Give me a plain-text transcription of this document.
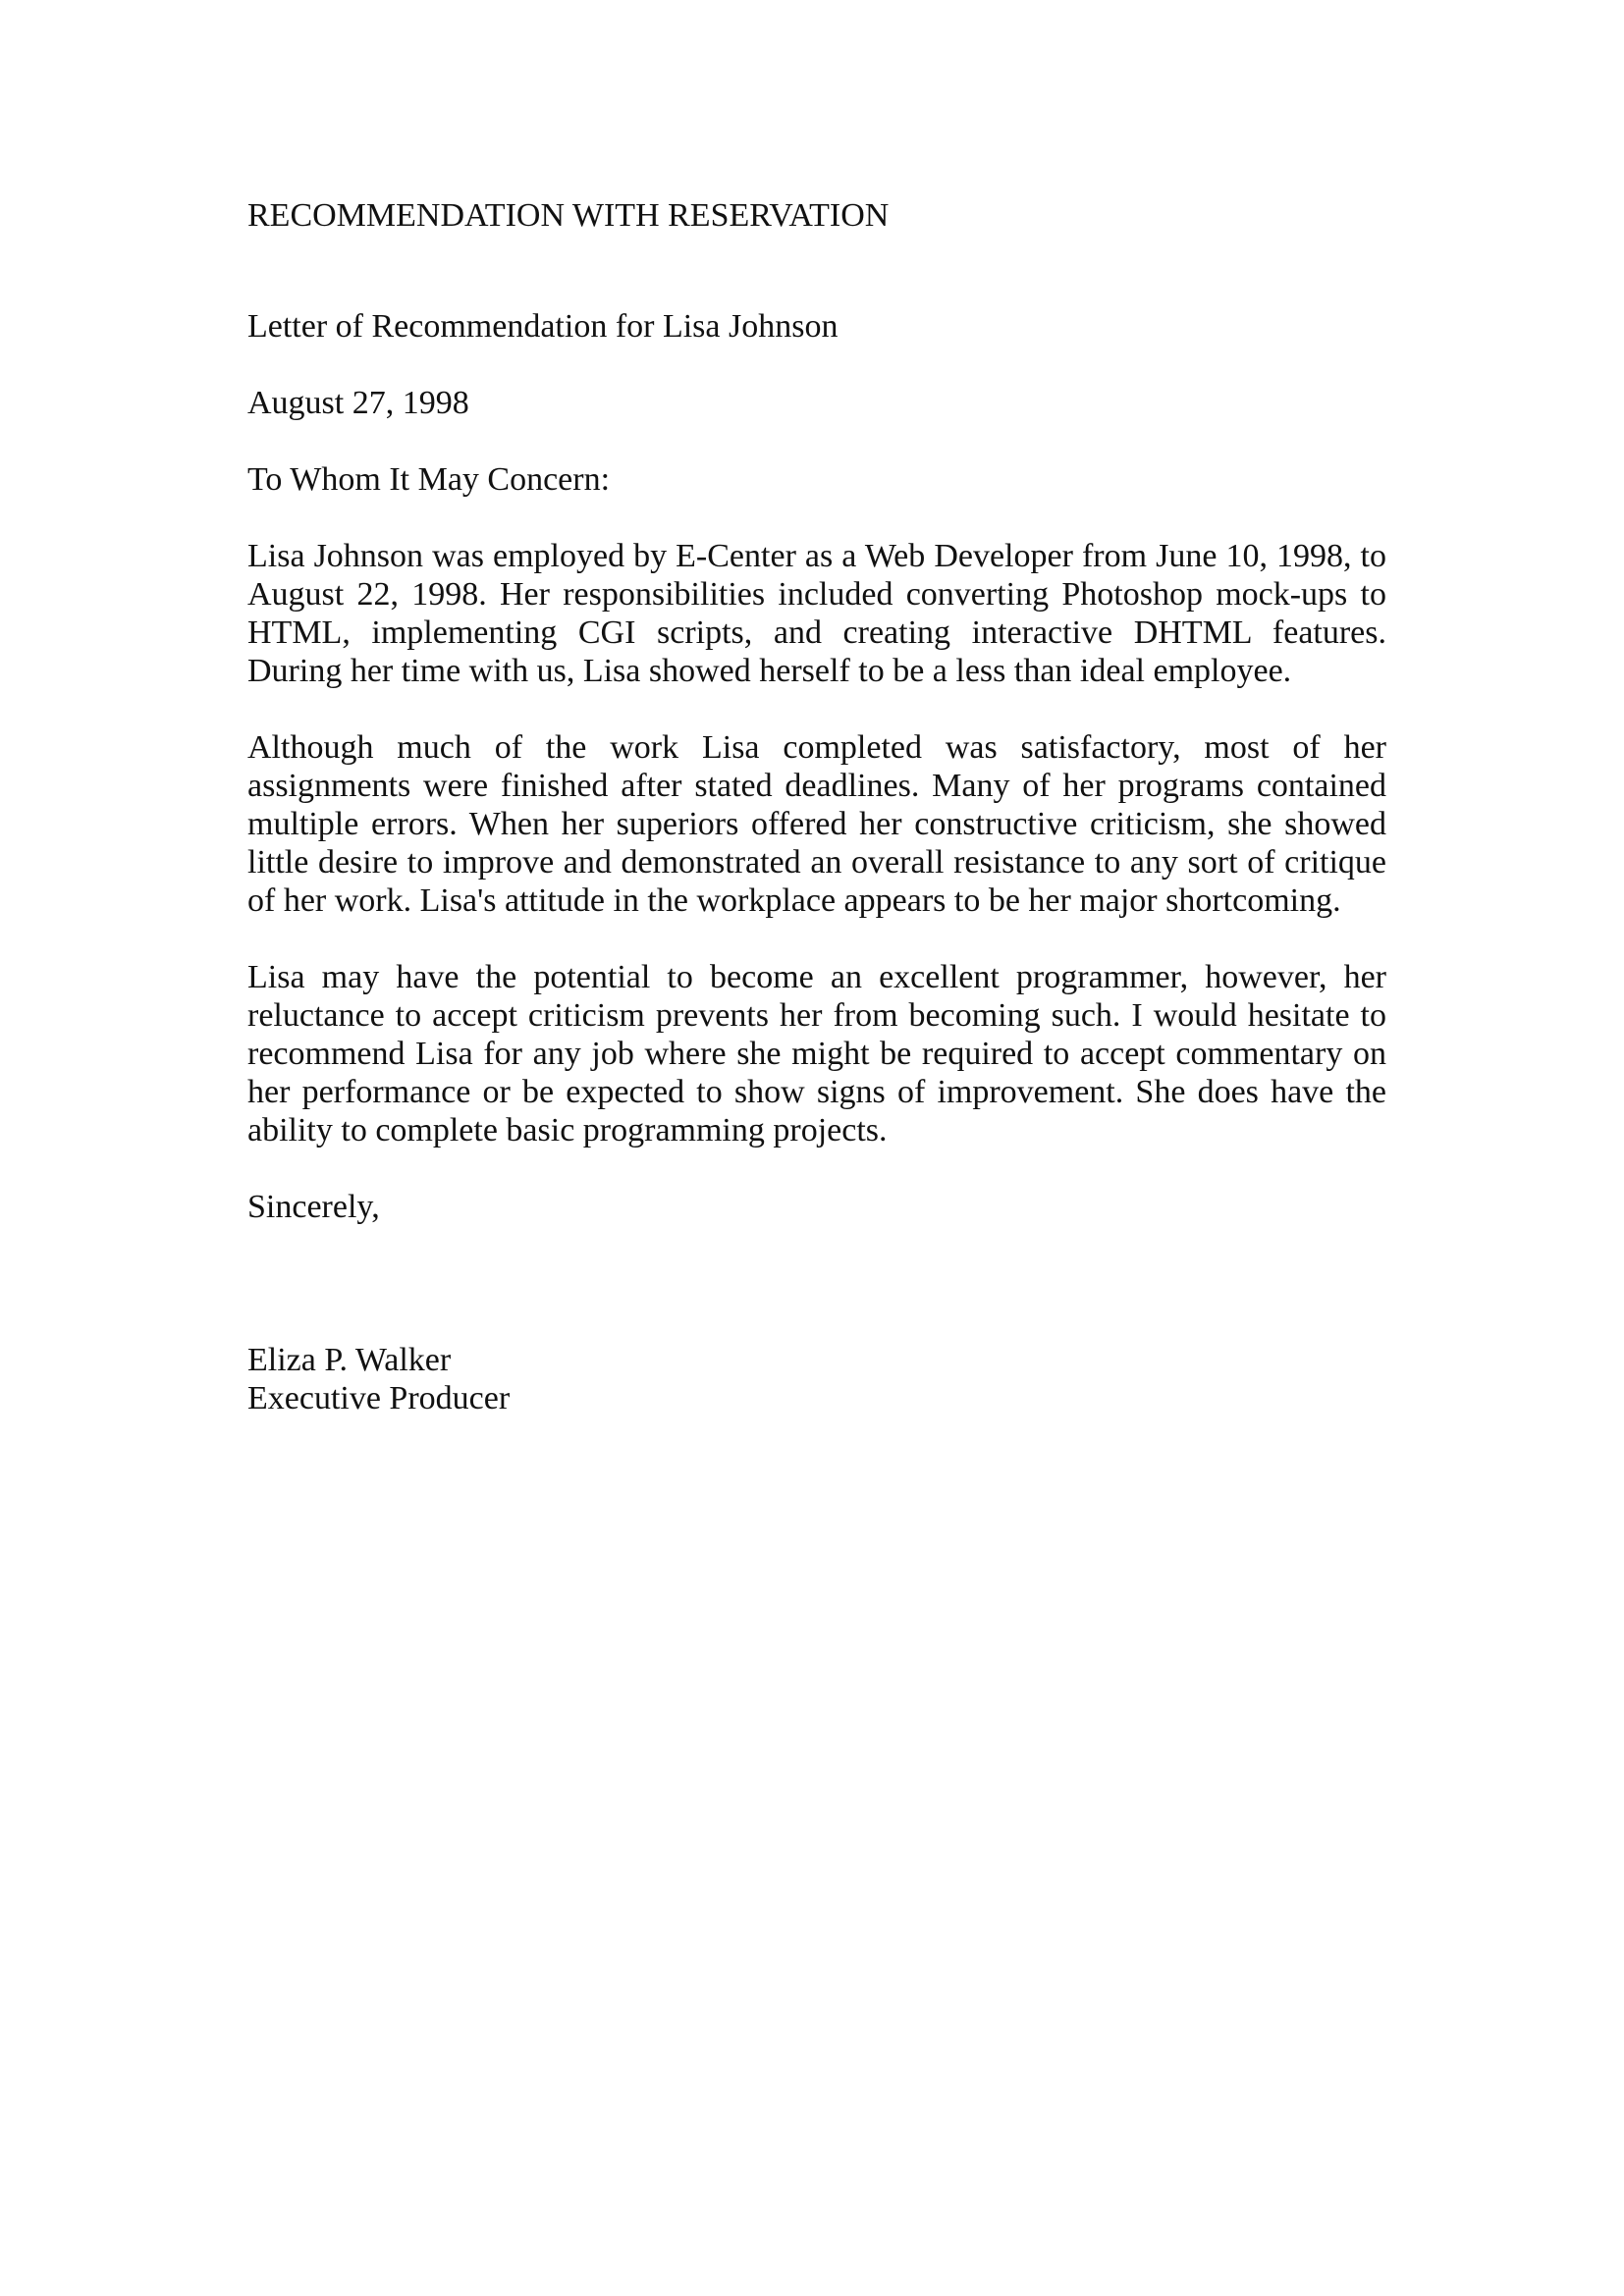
RECOMMENDATION WITH RESERVATION

Letter of Recommendation for Lisa Johnson

August 27, 1998

To Whom It May Concern:

Lisa Johnson was employed by E-Center as a Web Developer from June 10, 1998, to August 22, 1998. Her responsibilities included converting Photoshop mock-ups to HTML, implementing CGI scripts, and creating interactive DHTML features. During her time with us, Lisa showed herself to be a less than ideal employee.

Although much of the work Lisa completed was satisfactory, most of her assignments were finished after stated deadlines. Many of her programs contained multiple errors. When her superiors offered her constructive criticism, she showed little desire to improve and demonstrated an overall resistance to any sort of critique of her work. Lisa's attitude in the workplace appears to be her major shortcoming.

Lisa may have the potential to become an excellent programmer, however, her reluctance to accept criticism prevents her from becoming such. I would hesitate to recommend Lisa for any job where she might be required to accept commentary on her performance or be expected to show signs of improvement. She does have the ability to complete basic programming projects.

Sincerely,

Eliza P. Walker
Executive Producer
